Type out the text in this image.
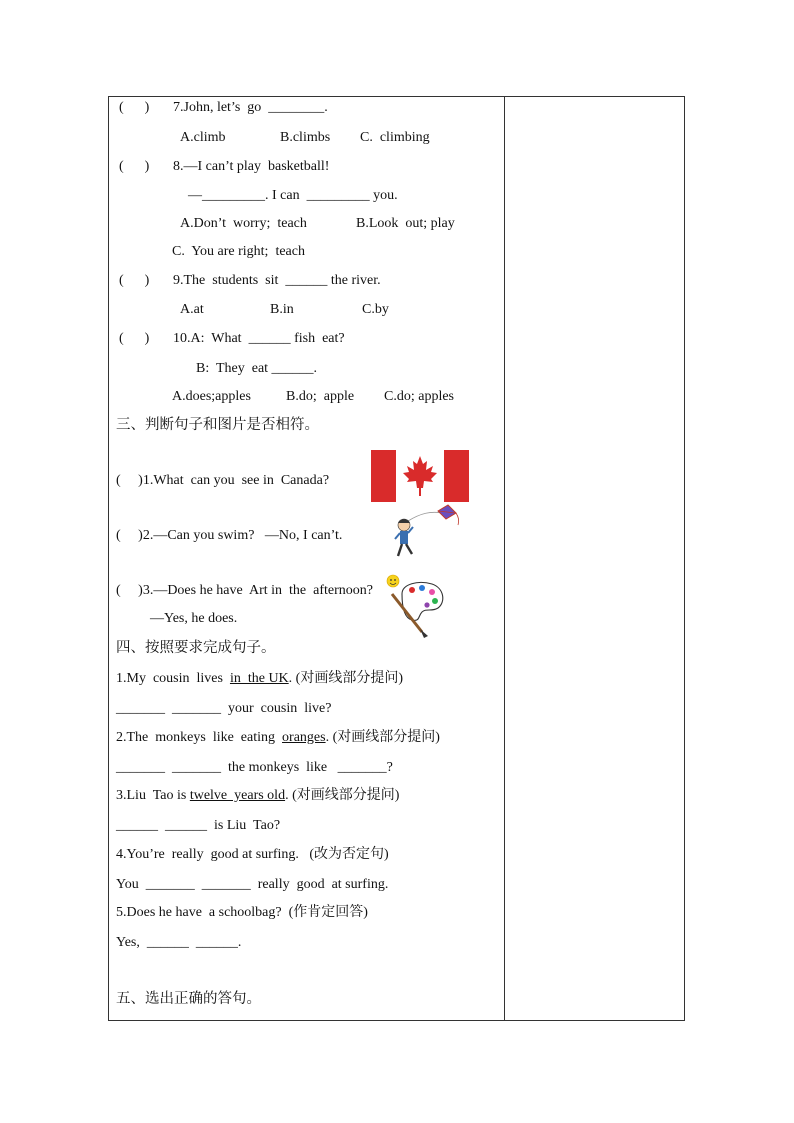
(      ) 7.John, let’s  go  ________.
A.climb	B.climbs C.  climbing
(      ) 8.—I can’t play  basketball!
—_________. I can  _________ you.
A.Don’t  worry;  teach	B.Look  out; play
C.  You are right;  teach
(      ) 9.The  students  sit  ______ the river.
A.at	B.in	C.by
(      ) 10.A:  What  ______ fish  eat?
B:  They  eat ______.
A.does;apples	B.do;  apple C.do; apples
三、判断句子和图片是否相符。
(     )1.What  can you  see in  Canada?
(     )2.—Can you swim?   —No, I can’t.
(     )3.—Does he have  Art in  the  afternoon?
—Yes, he does.
四、按照要求完成句子。
1.My  cousin  lives  in  the UK. (对画线部分提问)
_______  _______  your  cousin  live?
2.The  monkeys  like  eating  oranges. (对画线部分提问)
_______  _______  the monkeys  like   _______?
3.Liu  Tao is twelve  years old. (对画线部分提问)
______  ______  is Liu  Tao?
4.You’re  really  good at surfing.   (改为否定句)
You  _______  _______  really  good  at surfing.
5.Does he have  a schoolbag?  (作肯定回答)
Yes,  ______  ______.
五、选出正确的答句。
